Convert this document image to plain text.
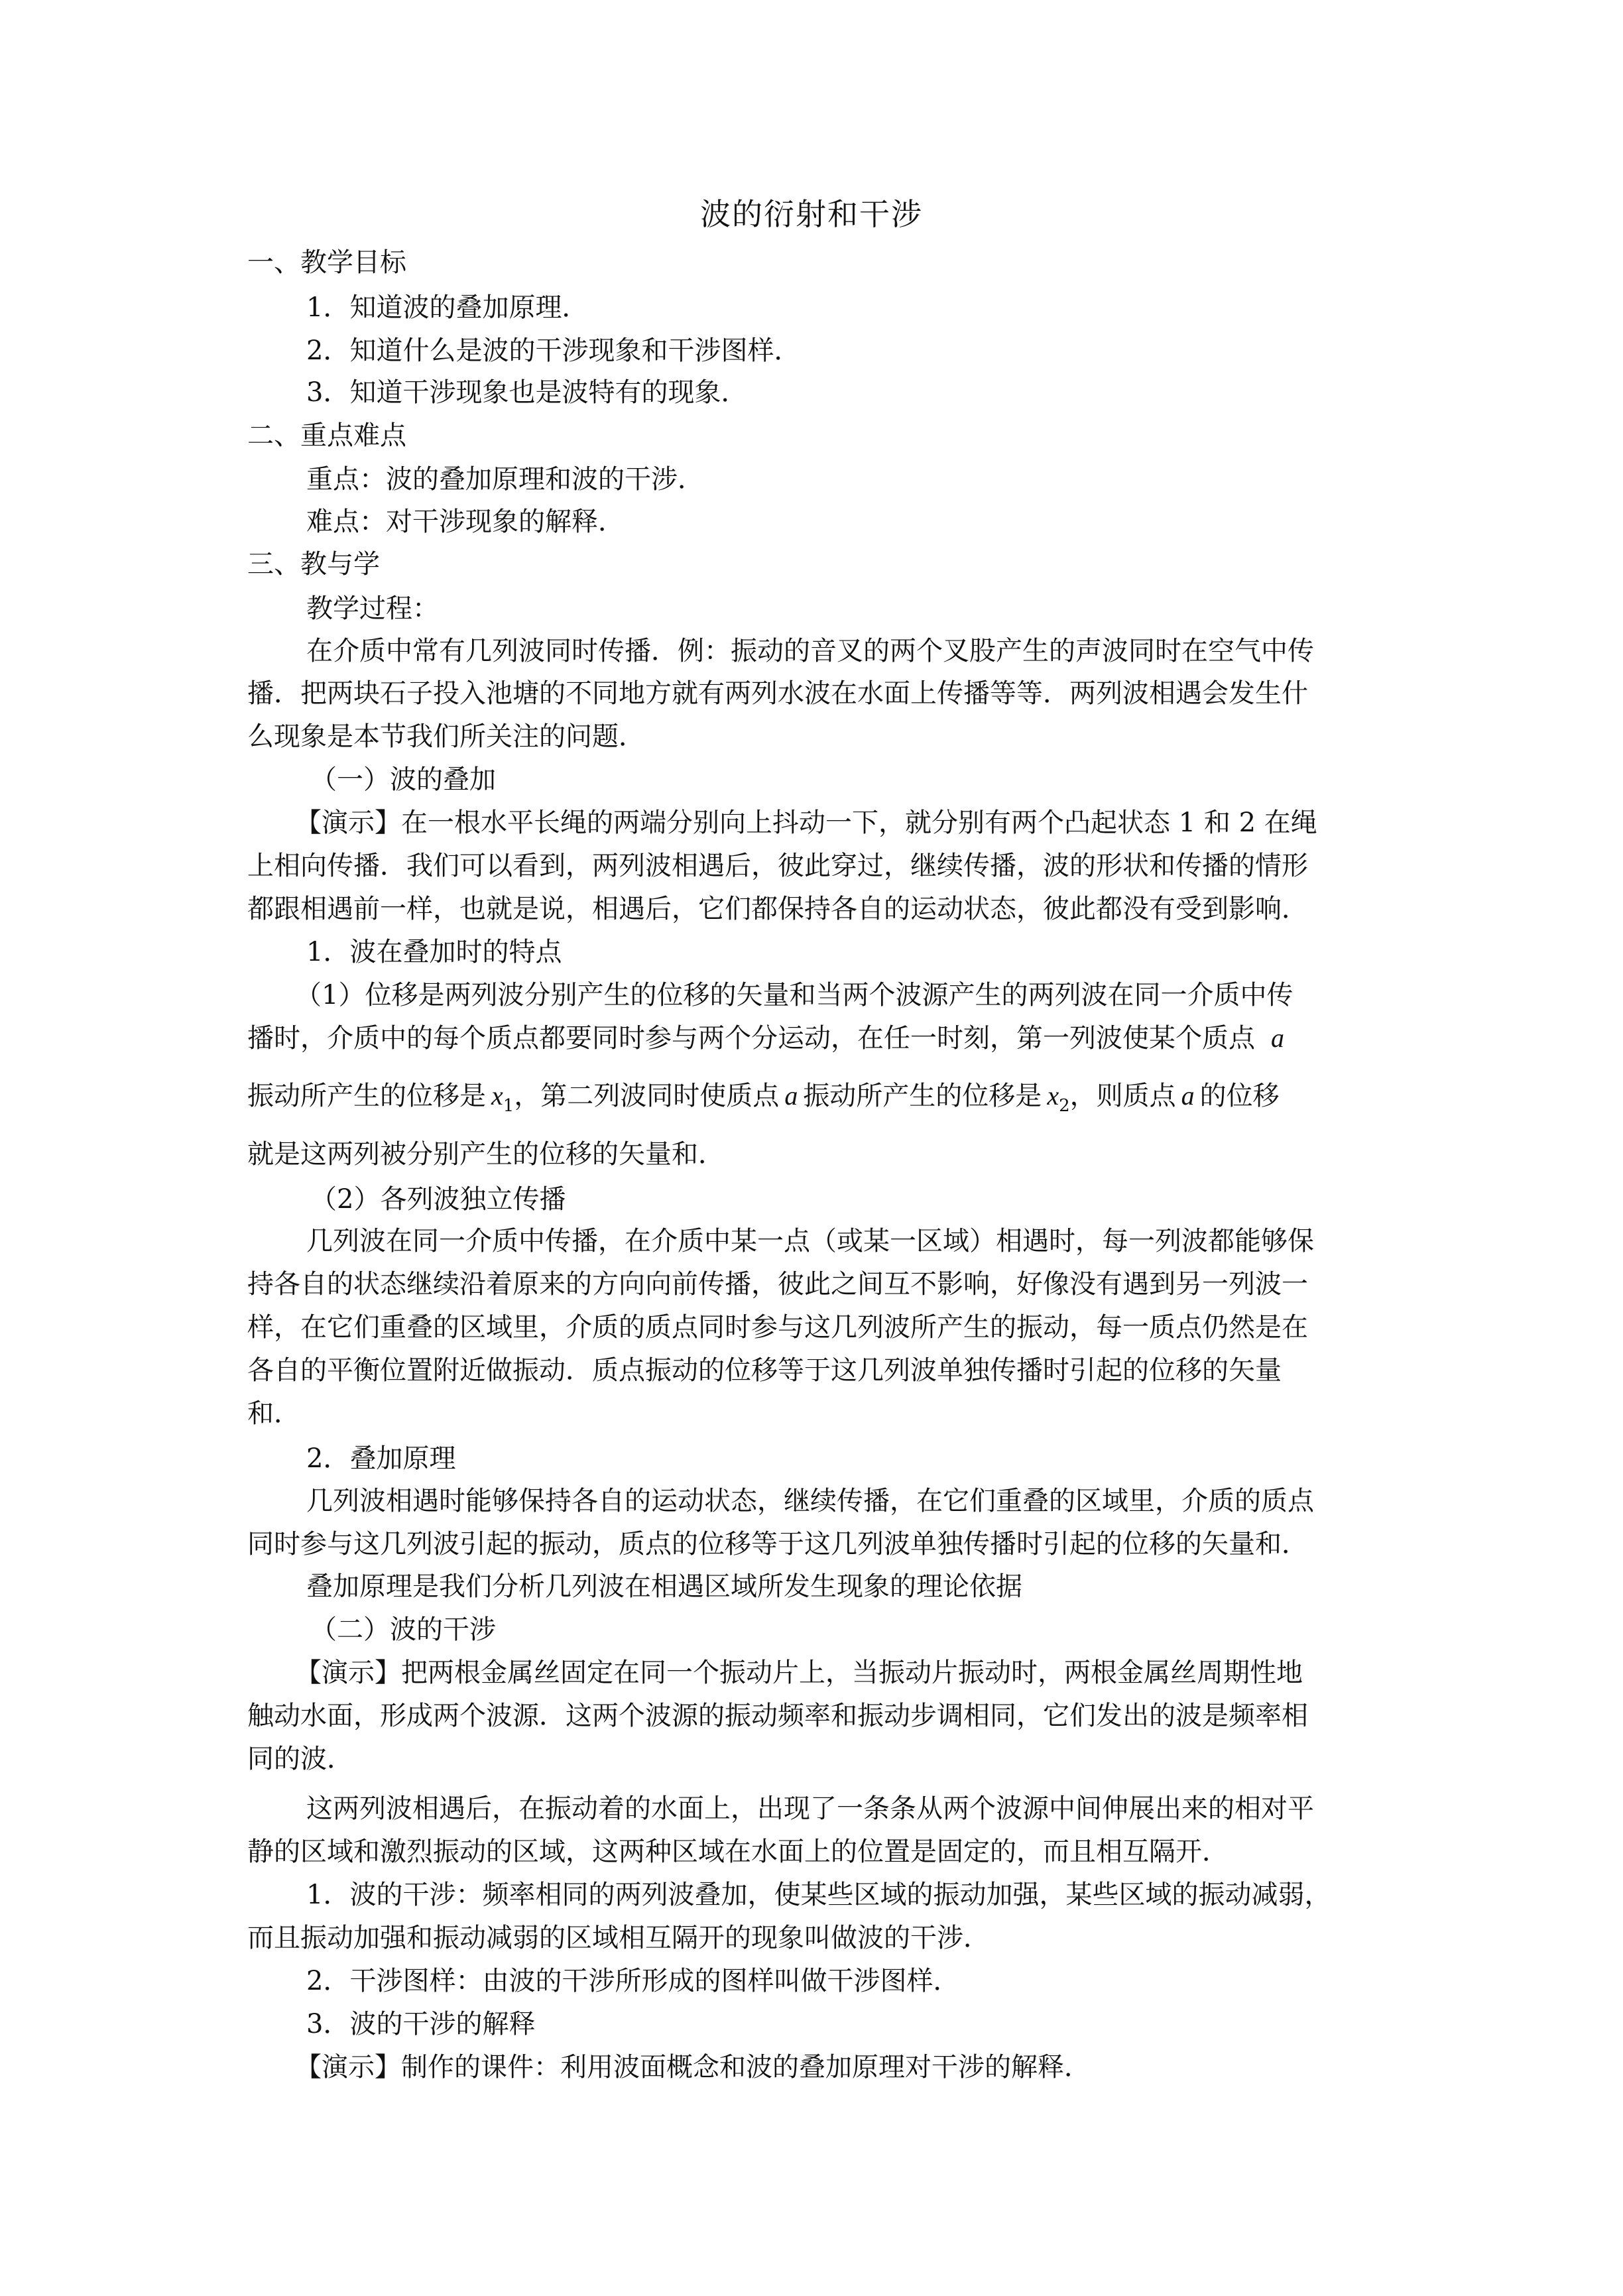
波的衍射和干涉
一、教学目标
1．知道波的叠加原理．
2．知道什么是波的干涉现象和干涉图样．
3．知道干涉现象也是波特有的现象．
二、重点难点
重点：波的叠加原理和波的干涉．
难点：对干涉现象的解释．
三、教与学
教学过程：
在介质中常有几列波同时传播．例：振动的音叉的两个叉股产生的声波同时在空气中传
播．把两块石子投入池塘的不同地方就有两列水波在水面上传播等等．两列波相遇会发生什
么现象是本节我们所关注的问题．
（一）波的叠加
【演示】在一根水平长绳的两端分别向上抖动一下，就分别有两个凸起状态 1 和 2 在绳
上相向传播．我们可以看到，两列波相遇后，彼此穿过，继续传播，波的形状和传播的情形
都跟相遇前一样，也就是说，相遇后，它们都保持各自的运动状态，彼此都没有受到影响．
1．波在叠加时的特点
（1）位移是两列波分别产生的位移的矢量和当两个波源产生的两列波在同一介质中传
播时，介质中的每个质点都要同时参与两个分运动，在任一时刻，第一列波使某个质点 a
振动所产生的位移是 $x_1$，第二列波同时使质点 a 振动所产生的位移是 $x_2$，则质点 a 的位移
就是这两列被分别产生的位移的矢量和．
（2）各列波独立传播
几列波在同一介质中传播，在介质中某一点（或某一区域）相遇时，每一列波都能够保
持各自的状态继续沿着原来的方向向前传播，彼此之间互不影响，好像没有遇到另一列波一
样，在它们重叠的区域里，介质的质点同时参与这几列波所产生的振动，每一质点仍然是在
各自的平衡位置附近做振动．质点振动的位移等于这几列波单独传播时引起的位移的矢量
和．
2．叠加原理
几列波相遇时能够保持各自的运动状态，继续传播，在它们重叠的区域里，介质的质点
同时参与这几列波引起的振动，质点的位移等于这几列波单独传播时引起的位移的矢量和．
叠加原理是我们分析几列波在相遇区域所发生现象的理论依据
（二）波的干涉
【演示】把两根金属丝固定在同一个振动片上，当振动片振动时，两根金属丝周期性地
触动水面，形成两个波源．这两个波源的振动频率和振动步调相同，它们发出的波是频率相
同的波．
这两列波相遇后，在振动着的水面上，出现了一条条从两个波源中间伸展出来的相对平
静的区域和激烈振动的区域，这两种区域在水面上的位置是固定的，而且相互隔开．
1．波的干涉：频率相同的两列波叠加，使某些区域的振动加强，某些区域的振动减弱，
而且振动加强和振动减弱的区域相互隔开的现象叫做波的干涉．
2．干涉图样：由波的干涉所形成的图样叫做干涉图样．
3．波的干涉的解释
【演示】制作的课件：利用波面概念和波的叠加原理对干涉的解释．
